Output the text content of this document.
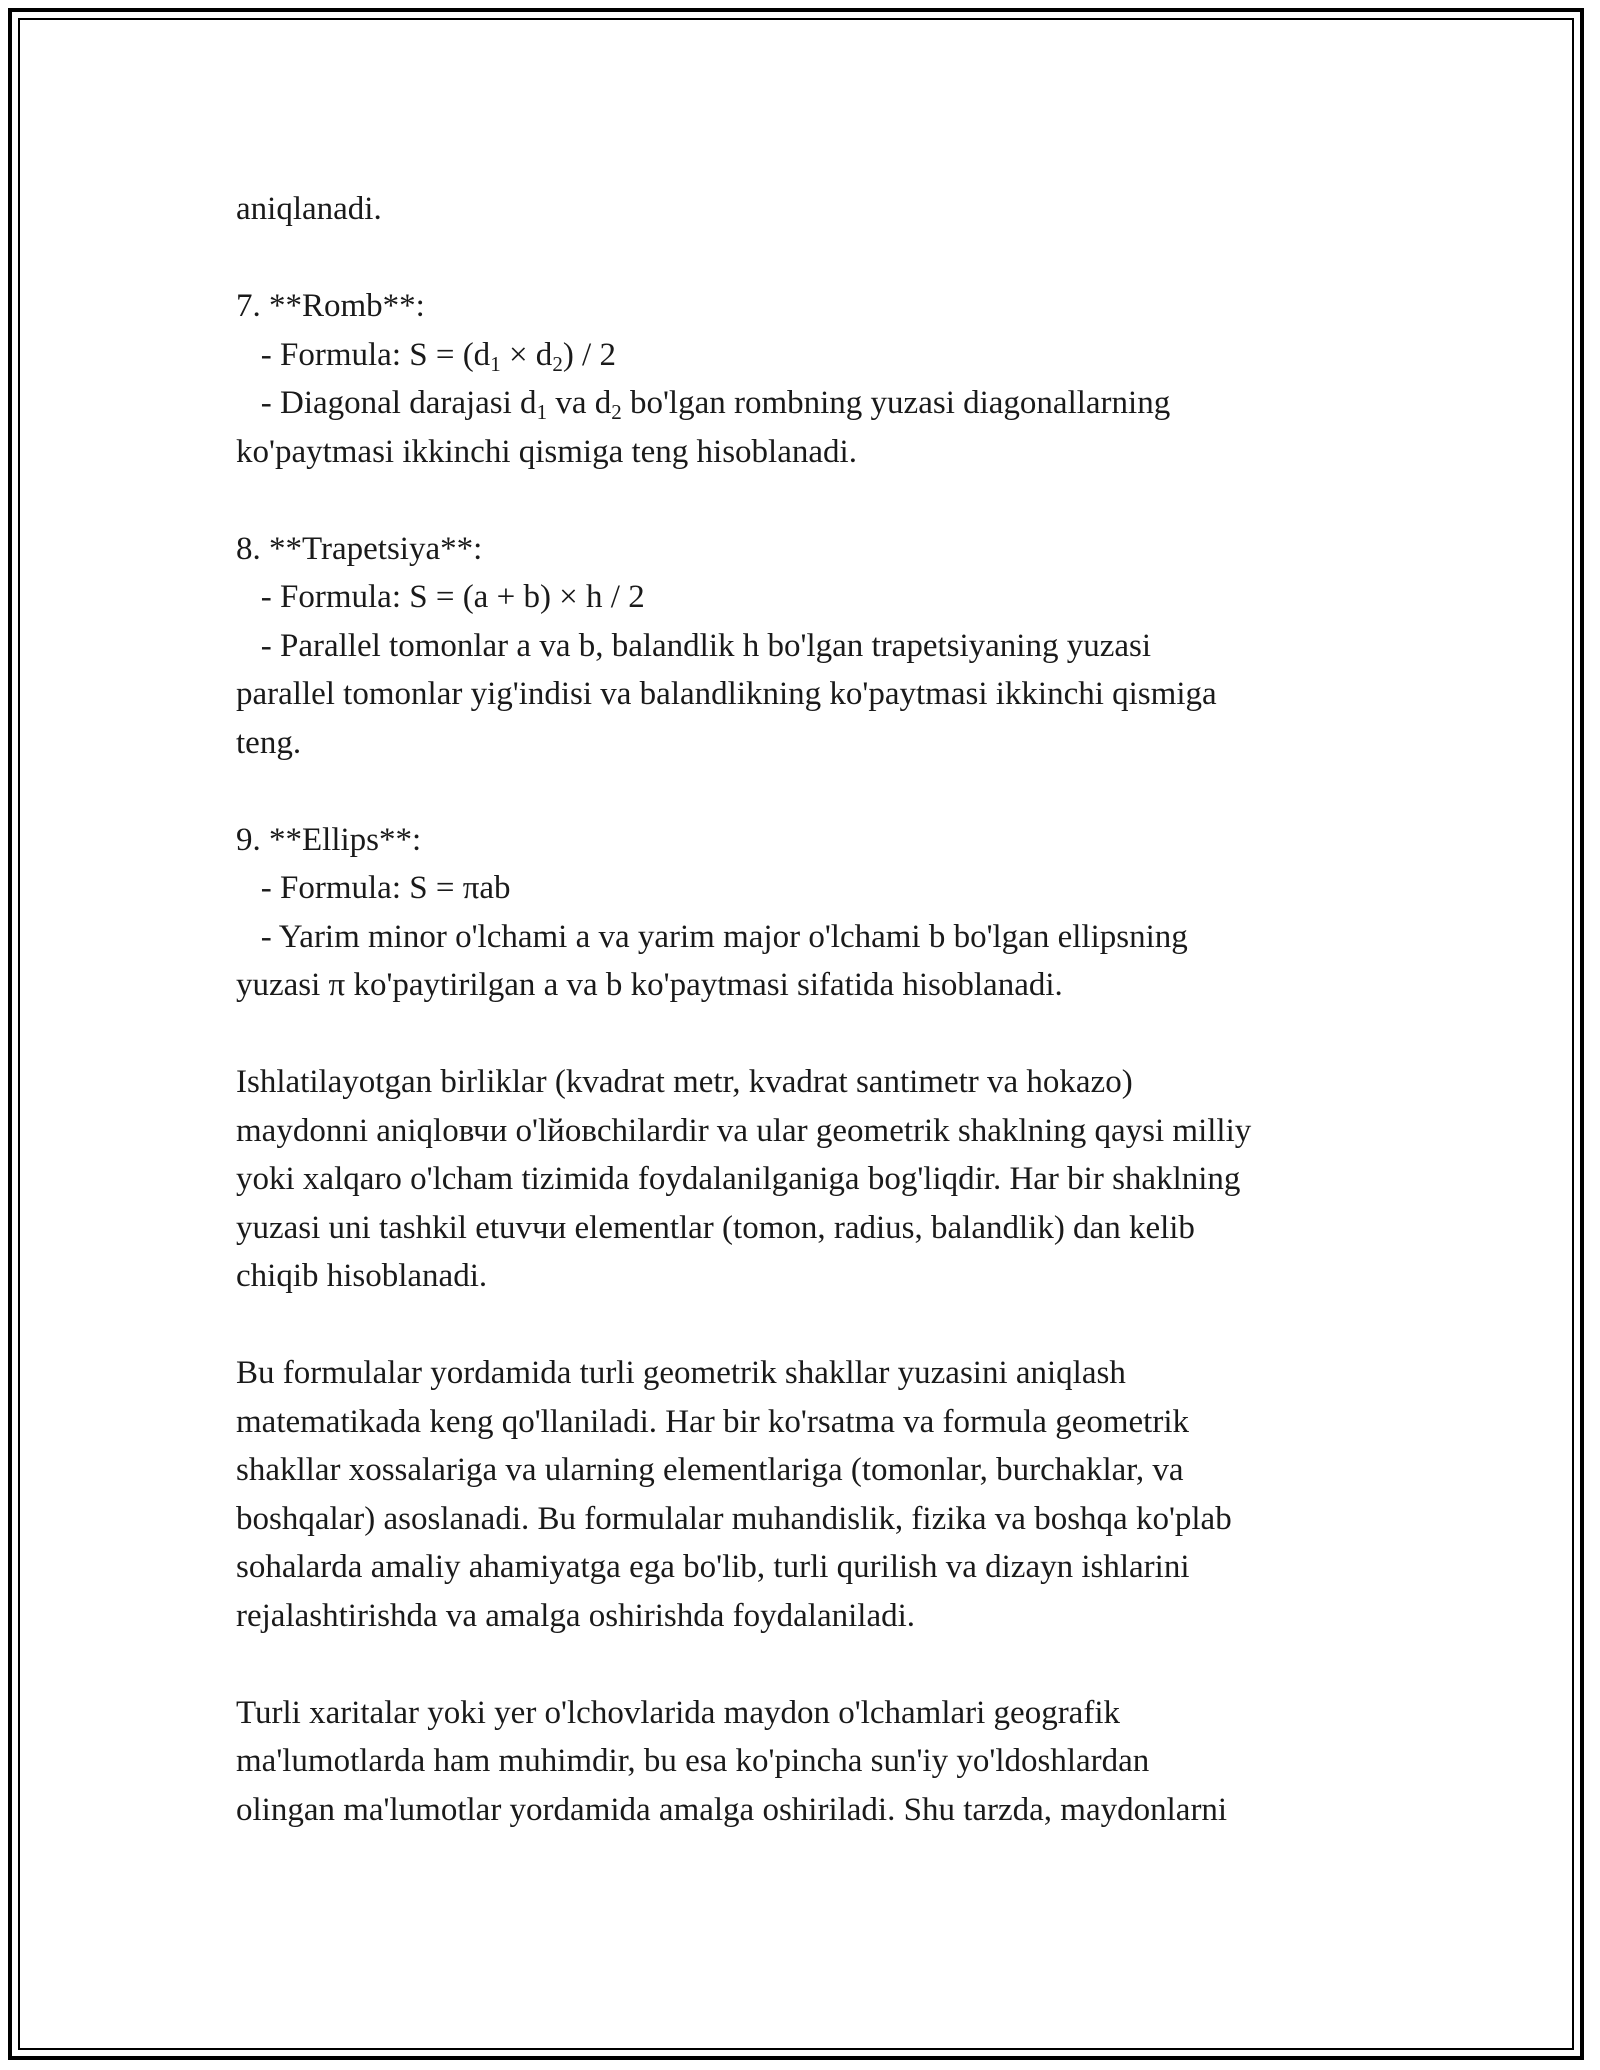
aniqlanadi.
7. **Romb**:
- Formula: $S = (d_1 \times d_2) / 2$
- Diagonal darajasi $d_1$ va $d_2$ bo'lgan rombning yuzasi diagonallarning
ko'paytmasi ikkinchi qismiga teng hisoblanadi.
8. **Trapetsiya**:
- Formula: S = (a + b) × h / 2
- Parallel tomonlar a va b, balandlik h bo'lgan trapetsiyaning yuzasi
parallel tomonlar yig'indisi va balandlikning ko'paytmasi ikkinchi qismiga
teng.
9. **Ellips**:
- Formula: S = πab
- Yarim minor o'lchami a va yarim major o'lchami b bo'lgan ellipsning
yuzasi π ko'paytirilgan a va b ko'paytmasi sifatida hisoblanadi.
Ishlatilayotgan birliklar (kvadrat metr, kvadrat santimetr va hokazo)
maydonni aniqlовчи o'lйовchilardir va ular geometrik shaklning qaysi milliy
yoki xalqaro o'lcham tizimida foydalanilganiga bog'liqdir. Har bir shaklning
yuzasi uni tashkil etuvчи elementlar (tomon, radius, balandlik) dan kelib
chiqib hisoblanadi.
Bu formulalar yordamida turli geometrik shakllar yuzasini aniqlash
matematikada keng qo'llaniladi. Har bir ko'rsatma va formula geometrik
shakllar xossalariga va ularning elementlariga (tomonlar, burchaklar, va
boshqalar) asoslanadi. Bu formulalar muhandislik, fizika va boshqa ko'plab
sohalarda amaliy ahamiyatga ega bo'lib, turli qurilish va dizayn ishlarini
rejalashtirishda va amalga oshirishda foydalaniladi.
Turli xaritalar yoki yer o'lchovlarida maydon o'lchamlari geografik
ma'lumotlarda ham muhimdir, bu esa ko'pincha sun'iy yo'ldoshlardan
olingan ma'lumotlar yordamida amalga oshiriladi. Shu tarzda, maydonlarni
